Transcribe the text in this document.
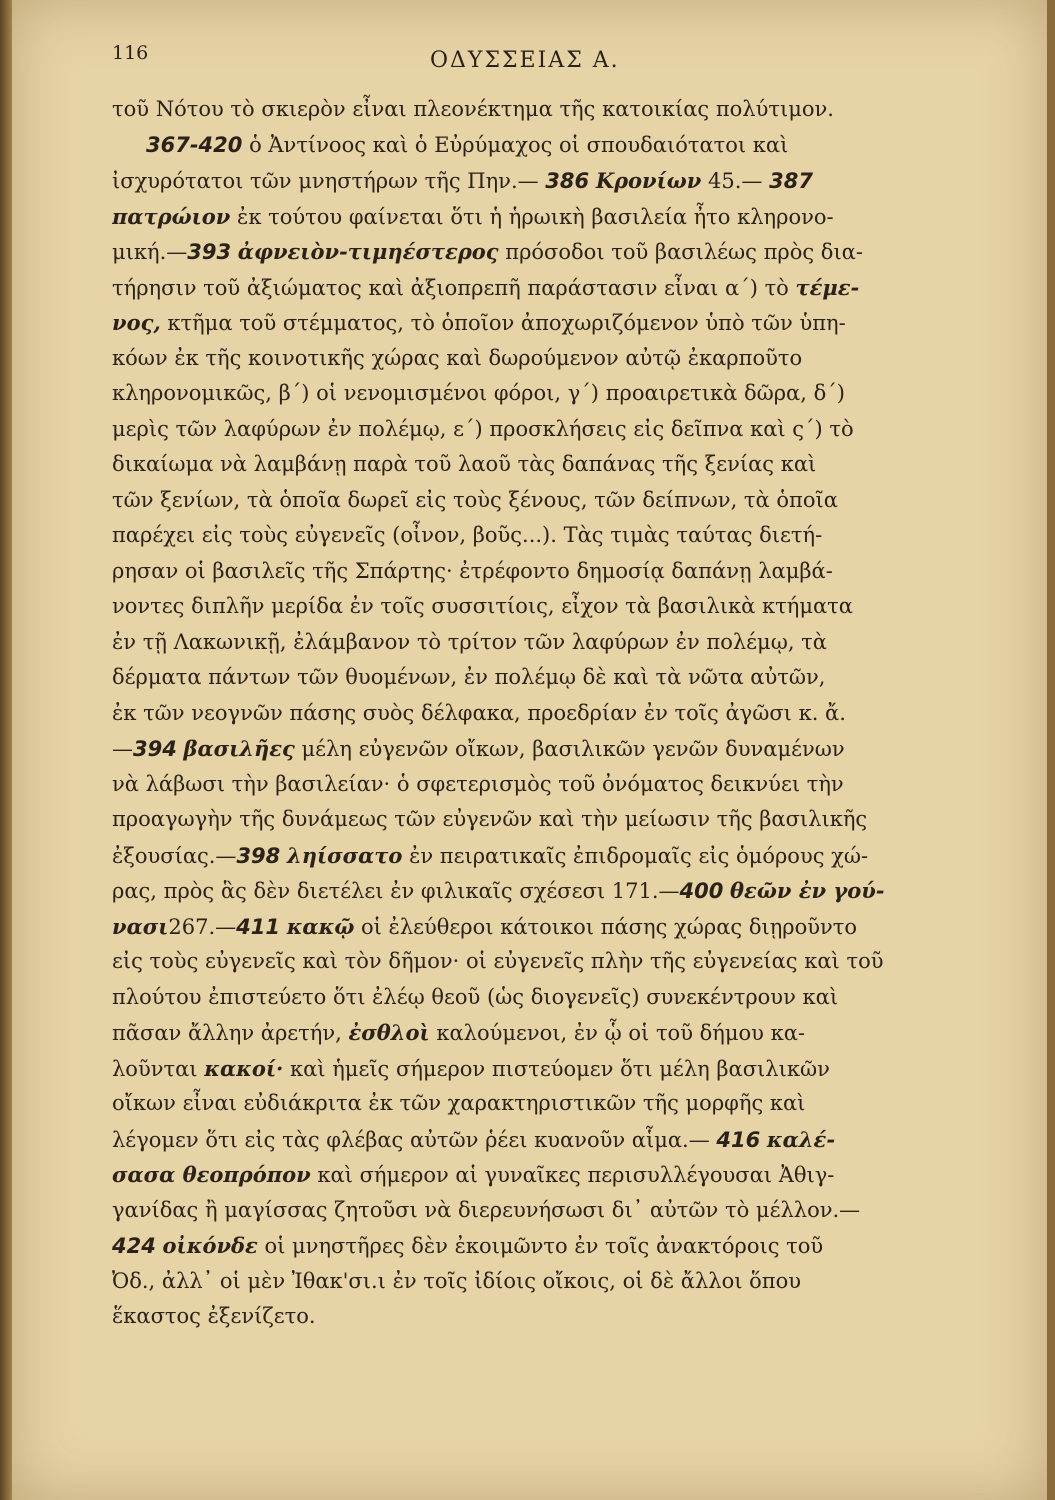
116	ΟΔΥΣΣΕΙΑΣ Α.
τοῦ Νότου τὸ σκιερὸν εἶναι πλεονέκτημα τῆς κατοικίας πολύτιμον.
367-420 ὁ Ἀντίνοος καὶ ὁ Εὐρύμαχος οἱ σπουδαιότατοι καὶ
ἰσχυρότατοι τῶν μνηστήρων τῆς Πην.— 386 Κρονίων 45.— 387
πατρώιον ἐκ τούτου φαίνεται ὅτι ἡ ἡρωικὴ βασιλεία ἦτο κληρονο-
μική.—393 ἀφνειὸν-τιμηέστερος πρόσοδοι τοῦ βασιλέως πρὸς δια-
τήρησιν τοῦ ἀξιώματος καὶ ἀξιοπρεπῆ παράστασιν εἶναι α΄) τὸ τέμε-
νος, κτῆμα τοῦ στέμματος, τὸ ὁποῖον ἀποχωριζόμενον ὑπὸ τῶν ὑπη-
κόων ἐκ τῆς κοινοτικῆς χώρας καὶ δωρούμενον αὐτῷ ἐκαρποῦτο
κληρονομικῶς, β΄) οἱ νενομισμένοι φόροι, γ΄) προαιρετικὰ δῶρα, δ΄)
μερὶς τῶν λαφύρων ἐν πολέμῳ, ε΄) προσκλήσεις εἰς δεῖπνα καὶ ς΄) τὸ
δικαίωμα νὰ λαμβάνῃ παρὰ τοῦ λαοῦ τὰς δαπάνας τῆς ξενίας καὶ
τῶν ξενίων, τὰ ὁποῖα δωρεῖ εἰς τοὺς ξένους, τῶν δείπνων, τὰ ὁποῖα
παρέχει εἰς τοὺς εὐγενεῖς (οἶνον, βοῦς...). Τὰς τιμὰς ταύτας διετή-
ρησαν οἱ βασιλεῖς τῆς Σπάρτης· ἐτρέφοντο δημοσίᾳ δαπάνῃ λαμβά-
νοντες διπλῆν μερίδα ἐν τοῖς συσσιτίοις, εἶχον τὰ βασιλικὰ κτήματα
ἐν τῇ Λακωνικῇ, ἐλάμβανον τὸ τρίτον τῶν λαφύρων ἐν πολέμῳ, τὰ
δέρματα πάντων τῶν θυομένων, ἐν πολέμῳ δὲ καὶ τὰ νῶτα αὐτῶν,
ἐκ τῶν νεογνῶν πάσης συὸς δέλφακα, προεδρίαν ἐν τοῖς ἀγῶσι κ. ἄ.
—394 βασιλῆες μέλη εὐγενῶν οἴκων, βασιλικῶν γενῶν δυναμένων
νὰ λάβωσι τὴν βασιλείαν· ὁ σφετερισμὸς τοῦ ὀνόματος δεικνύει τὴν
προαγωγὴν τῆς δυνάμεως τῶν εὐγενῶν καὶ τὴν μείωσιν τῆς βασιλικῆς
ἐξουσίας.—398 ληίσσατο ἐν πειρατικαῖς ἐπιδρομαῖς εἰς ὁμόρους χώ-
ρας, πρὸς ἃς δὲν διετέλει ἐν φιλικαῖς σχέσεσι 171.—400 θεῶν ἐν γού-
νασι267.—411 κακῷ οἱ ἐλεύθεροι κάτοικοι πάσης χώρας διῃροῦντο
εἰς τοὺς εὐγενεῖς καὶ τὸν δῆμον· οἱ εὐγενεῖς πλὴν τῆς εὐγενείας καὶ τοῦ
πλούτου ἐπιστεύετο ὅτι ἐλέῳ θεοῦ (ὡς διογενεῖς) συνεκέντρουν καὶ
πᾶσαν ἄλλην ἀρετήν, ἐσθλοὶ καλούμενοι, ἐν ᾧ οἱ τοῦ δήμου κα-
λοῦνται κακοί· καὶ ἡμεῖς σήμερον πιστεύομεν ὅτι μέλη βασιλικῶν
οἴκων εἶναι εὐδιάκριτα ἐκ τῶν χαρακτηριστικῶν τῆς μορφῆς καὶ
λέγομεν ὅτι εἰς τὰς φλέβας αὐτῶν ῥέει κυανοῦν αἷμα.— 416 καλέ-
σασα θεοπρόπον καὶ σήμερον αἱ γυναῖκες περισυλλέγουσαι Ἀθιγ-
γανίδας ἢ μαγίσσας ζητοῦσι νὰ διερευνήσωσι δι᾽ αὐτῶν τὸ μέλλον.—
424 οἰκόνδε οἱ μνηστῆρες δὲν ἐκοιμῶντο ἐν τοῖς ἀνακτόροις τοῦ
Ὀδ., ἀλλ᾽ οἱ μὲν Ἰθακ'σι.ι ἐν τοῖς ἰδίοις οἴκοις, οἱ δὲ ἄλλοι ὅπου
ἕκαστος ἐξενίζετο.
